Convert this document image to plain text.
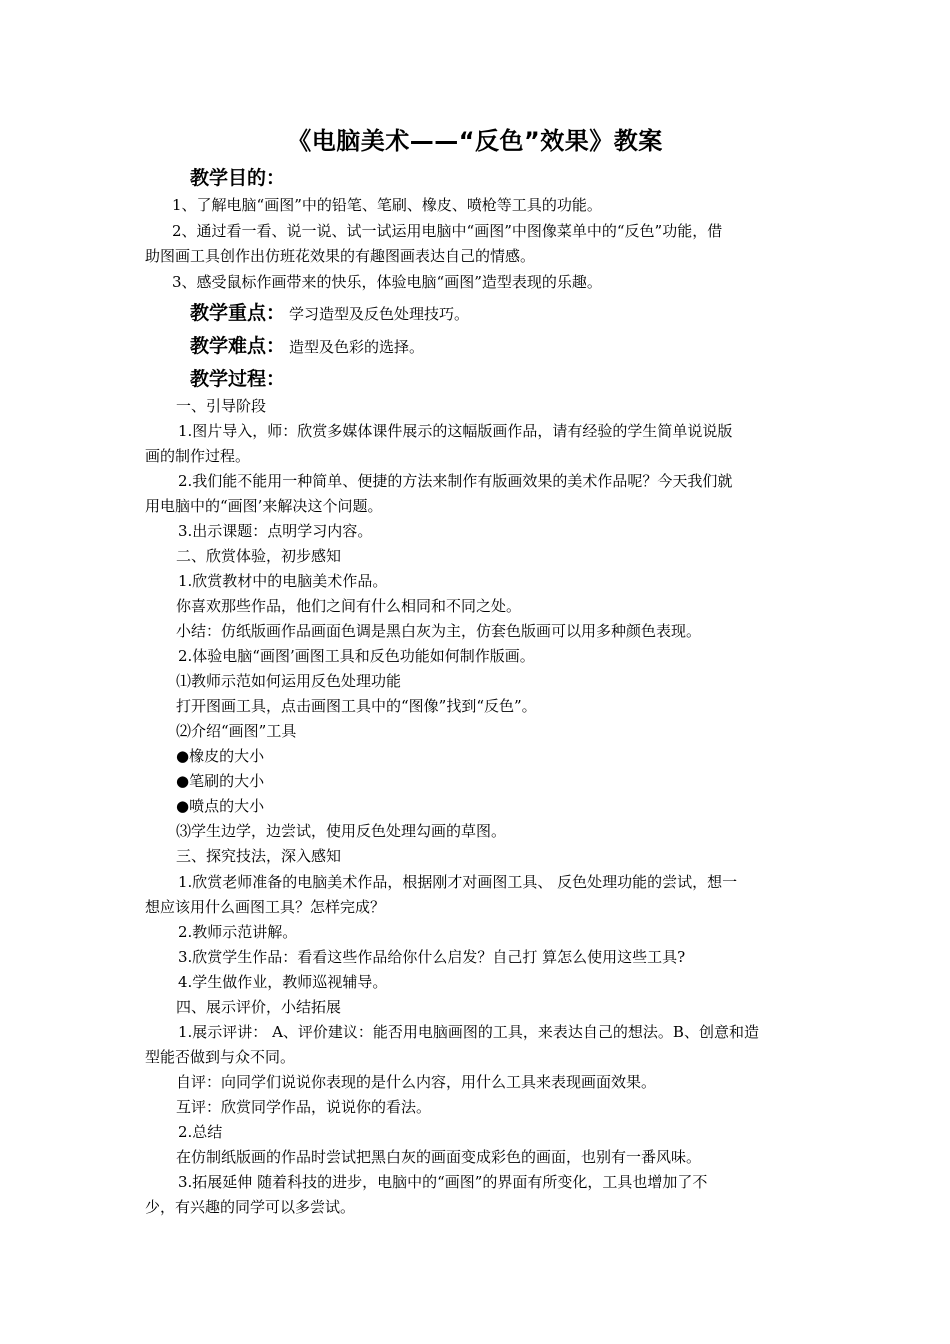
《电脑美术——“反色”效果》教案
教学目的：
1、了解电脑“画图”中的铅笔、笔刷、橡皮、喷枪等工具的功能。
2、通过看一看、说一说、试一试运用电脑中“画图”中图像菜单中的“反色”功能，借
助图画工具创作出仿班花效果的有趣图画表达自己的情感。
3、感受鼠标作画带来的快乐，体验电脑“画图”造型表现的乐趣。
教学重点： 学习造型及反色处理技巧。
教学难点： 造型及色彩的选择。
教学过程：
一、引导阶段
1.图片导入，师：欣赏多媒体课件展示的这幅版画作品，请有经验的学生简单说说版
画的制作过程。
2.我们能不能用一种简单、便捷的方法来制作有版画效果的美术作品呢？今天我们就
用电脑中的“画图’来解决这个问题。
3.出示课题：点明学习内容。
二、欣赏体验，初步感知
1.欣赏教材中的电脑美术作品。
你喜欢那些作品，他们之间有什么相同和不同之处。
小结：仿纸版画作品画面色调是黑白灰为主，仿套色版画可以用多种颜色表现。
2.体验电脑“画图’画图工具和反色功能如何制作版画。
⑴教师示范如何运用反色处理功能
打开图画工具，点击画图工具中的“图像”找到“反色”。
⑵介绍“画图”工具
●橡皮的大小
●笔刷的大小
●喷点的大小
⑶学生边学，边尝试，使用反色处理勾画的草图。
三、探究技法，深入感知
1.欣赏老师准备的电脑美术作品，根据刚才对画图工具、 反色处理功能的尝试，想一
想应该用什么画图工具？怎样完成？
2.教师示范讲解。
3.欣赏学生作品：看看这些作品给你什么启发？自己打 算怎么使用这些工具?
4.学生做作业，教师巡视辅导。
四、展示评价，小结拓展
1.展示评讲： A、评价建议：能否用电脑画图的工具，来表达自己的想法。B、创意和造
型能否做到与众不同。
自评：向同学们说说你表现的是什么内容，用什么工具来表现画面效果。
互评：欣赏同学作品，说说你的看法。
2.总结
在仿制纸版画的作品时尝试把黑白灰的画面变成彩色的画面，也别有一番风味。
3.拓展延伸 随着科技的进步，电脑中的“画图”的界面有所变化，工具也增加了不
少，有兴趣的同学可以多尝试。
